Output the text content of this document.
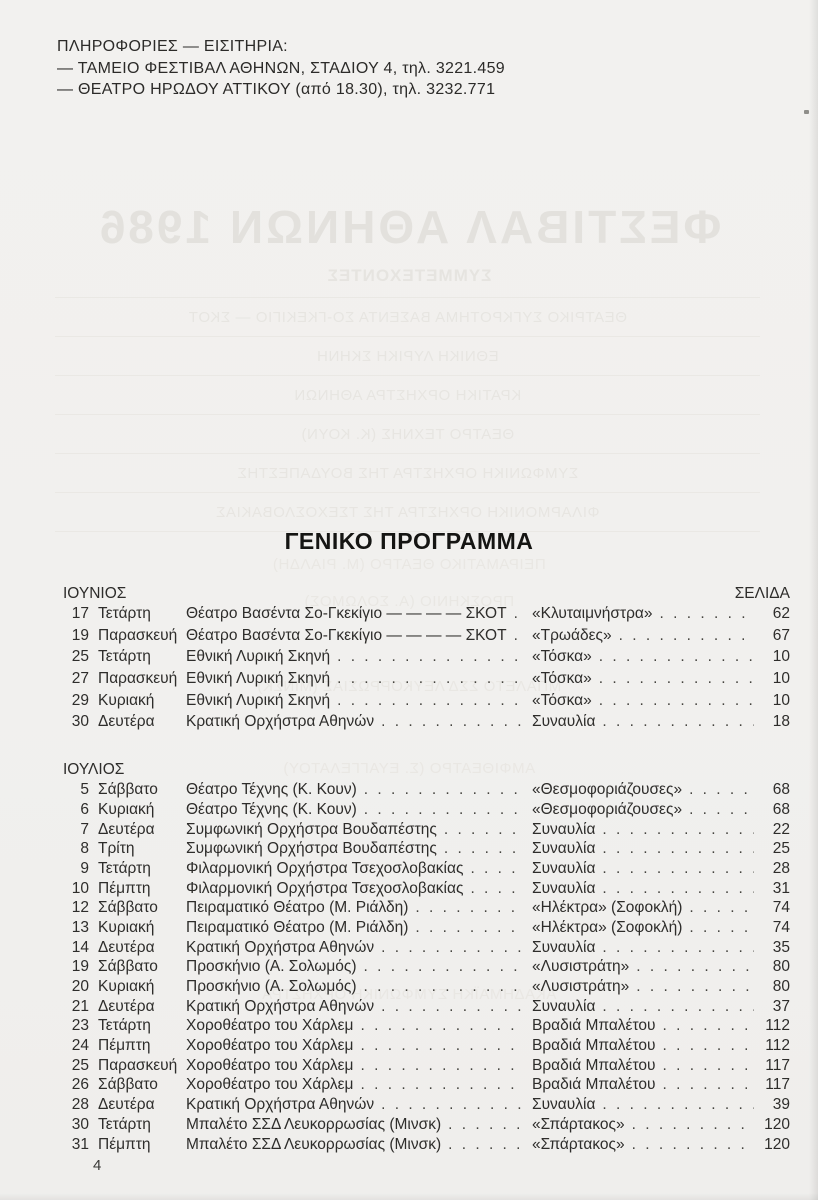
ΦΕΣΤΙΒΑΛ ΑΘΗΝΩΝ 1986
ΣΥΜΜΕΤΕΧΟΝΤΕΣ
ΘΕΑΤΡΙΚΟ ΣΥΓΚΡΟΤΗΜΑ ΒΑΣΕΝΤΑ ΣΟ-ΓΚΕΚΙΓΙΟ — ΣΚΟΤ
ΕΘΝΙΚΗ ΛΥΡΙΚΗ ΣΚΗΝΗ
ΚΡΑΤΙΚΗ ΟΡΧΗΣΤΡΑ ΑΘΗΝΩΝ
ΘΕΑΤΡΟ ΤΕΧΝΗΣ (Κ. ΚΟΥΝ)
ΣΥΜΦΩΝΙΚΗ ΟΡΧΗΣΤΡΑ ΤΗΣ ΒΟΥΔΑΠΕΣΤΗΣ
ΦΙΛΑΡΜΟΝΙΚΗ ΟΡΧΗΣΤΡΑ ΤΗΣ ΤΣΕΧΟΣΛΟΒΑΚΙΑΣ
ΠΕΙΡΑΜΑΤΙΚΟ ΘΕΑΤΡΟ (Μ. ΡΙΑΛΔΗ)
ΠΡΟΣΚΗΝΙΟ (Α. ΣΟΛΩΜΟΣ)
ΜΠΑΛΕΤΟ ΣΣΔ ΛΕΥΚΟΡΡΩΣΙΑΣ (ΜΙΝΣΚ)
ΑΜΦΙΘΕΑΤΡΟ (Σ. ΕΥΑΓΓΕΛΑΤΟΥ)
ΑΚΑΔΗΜΑΪΚΗ ΣΥΜΦΩΝΙΚΗ ΟΡΧΗΣΤΡΑ
ΠΛΗΡΟΦΟΡΙΕΣ — ΕΙΣΙΤΗΡΙΑ:
— ΤΑΜΕΙΟ ΦΕΣΤΙΒΑΛ ΑΘΗΝΩΝ, ΣΤΑΔΙΟΥ 4, τηλ. 3221.459
— ΘΕΑΤΡΟ ΗΡΩΔΟΥ ΑΤΤΙΚΟΥ (από 18.30), τηλ. 3232.771
ΓΕΝΙΚΟ ΠΡΟΓΡΑΜΜΑ
ΙΟΥΝΙΟΣ	ΣΕΛΙΔΑ
17 Τετάρτη	Θέατρο Βασέντα Σο-Γκεκίγιο — — — — ΣΚΟΤ . . . «Κλυταιμνήστρα» . . .	62
19 Παρασκευή Θέατρο Βασέντα Σο-Γκεκίγιο — — — — ΣΚΟΤ . . . «Τρωάδες» . . .	67
25 Τετάρτη	Εθνική Λυρική Σκηνή . . .	«Τόσκα» . . .	10
27 Παρασκευή Εθνική Λυρική Σκηνή . . .	«Τόσκα» . . .	10
29 Κυριακή	Εθνική Λυρική Σκηνή . . .	«Τόσκα» . . .	10
30 Δευτέρα	Κρατική Ορχήστρα Αθηνών . . .	Συναυλία . . .	18
ΙΟΥΛΙΟΣ
5 Σάββατο	Θέατρο Τέχνης (Κ. Κουν) . . .	«Θεσμοφοριάζουσες» . . .	68
6 Κυριακή	Θέατρο Τέχνης (Κ. Κουν) . . .	«Θεσμοφοριάζουσες» . . .	68
7 Δευτέρα	Συμφωνική Ορχήστρα Βουδαπέστης . . .	Συναυλία . . .	22
8 Τρίτη	Συμφωνική Ορχήστρα Βουδαπέστης . . .	Συναυλία . . .	25
9 Τετάρτη	Φιλαρμονική Ορχήστρα Τσεχοσλοβακίας . . .	Συναυλία . . .	28
10 Πέμπτη	Φιλαρμονική Ορχήστρα Τσεχοσλοβακίας . . .	Συναυλία . . .	31
12 Σάββατο	Πειραματικό Θέατρο (Μ. Ριάλδη) . . .	«Ηλέκτρα» (Σοφοκλή) . . .	74
13 Κυριακή	Πειραματικό Θέατρο (Μ. Ριάλδη) . . .	«Ηλέκτρα» (Σοφοκλή) . . .	74
14 Δευτέρα	Κρατική Ορχήστρα Αθηνών . . .	Συναυλία . . .	35
19 Σάββατο	Προσκήνιο (Α. Σολωμός) . . .	«Λυσιστράτη» . . .	80
20 Κυριακή	Προσκήνιο (Α. Σολωμός) . . .	«Λυσιστράτη» . . .	80
21 Δευτέρα	Κρατική Ορχήστρα Αθηνών . . .	Συναυλία . . .	37
23 Τετάρτη	Χοροθέατρο του Χάρλεμ . . .	Βραδιά Μπαλέτου . . .	112
24 Πέμπτη	Χοροθέατρο του Χάρλεμ . . .	Βραδιά Μπαλέτου . . .	112
25 Παρασκευή Χοροθέατρο του Χάρλεμ . . .	Βραδιά Μπαλέτου . . .	117
26 Σάββατο	Χοροθέατρο του Χάρλεμ . . .	Βραδιά Μπαλέτου . . .	117
28 Δευτέρα	Κρατική Ορχήστρα Αθηνών . . .	Συναυλία . . .	39
30 Τετάρτη	Μπαλέτο ΣΣΔ Λευκορρωσίας (Μινσκ) . . .	«Σπάρτακος» . . .	120
31 Πέμπτη	Μπαλέτο ΣΣΔ Λευκορρωσίας (Μινσκ) . . .	«Σπάρτακος» . . .	120
4
